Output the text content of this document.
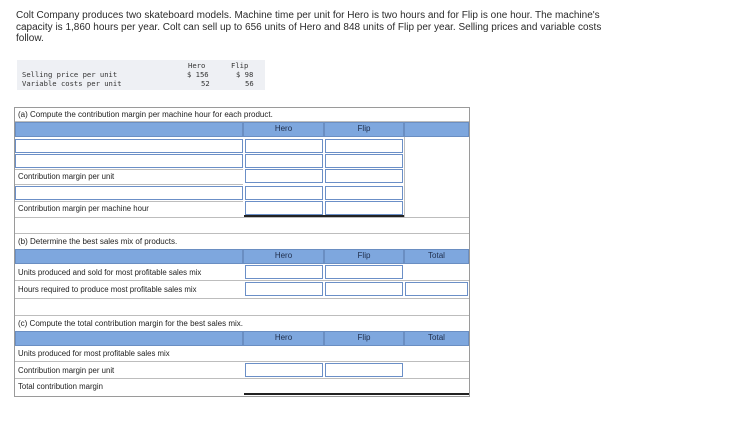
Colt Company produces two skateboard models. Machine time per unit for Hero is two hours and for Flip is one hour. The machine's
capacity is 1,860 hours per year. Colt can sell up to 656 units of Hero and 848 units of Flip per year. Selling prices and variable costs
follow.
Hero	Flip
Selling price per unit	$ 156	$ 98
Variable costs per unit	52	56
(a) Compute the contribution margin per machine hour for each product.
Hero	Flip
Contribution margin per unit
Contribution margin per machine hour
(b) Determine the best sales mix of products.
Hero	Flip	Total
Units produced and sold for most profitable sales mix
Hours required to produce most profitable sales mix
(c) Compute the total contribution margin for the best sales mix.
Hero	Flip	Total
Units produced for most profitable sales mix
Contribution margin per unit
Total contribution margin
